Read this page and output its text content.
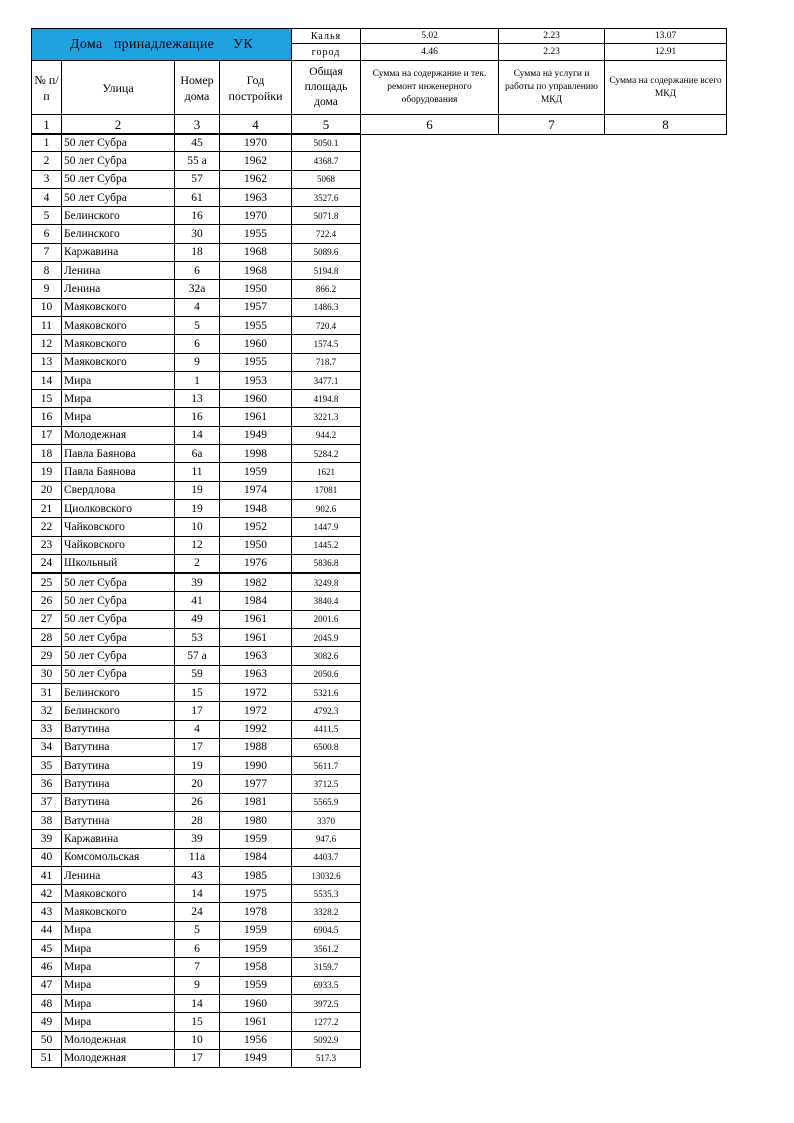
Дома   принадлежащие     УК				Калья	5.02	2.23	13.07
				город	4.46	2.23	12.91
№ п/п	Улица	Номер дома	Год постройки	Общая площадь дома	Сумма на содержание и тек. ремонт инженерного оборудования	Сумма на услуги и работы по управлению МКД	Сумма на содержание всего МКД
1	2	3	4	5	6	7	8
1	50 лет Субра	45	1970	5050.1
2	50 лет Субра	55 а	1962	4368.7
3	50 лет Субра	57	1962	5068
4	50 лет Субра	61	1963	3527.6
5	Белинского	16	1970	5071.8
6	Белинского	30	1955	722.4
7	Каржавина	18	1968	5089.6
8	Ленина	6	1968	5194.8
9	Ленина	32а	1950	866.2
10	Маяковского	4	1957	1486.3
11	Маяковского	5	1955	720.4
12	Маяковского	6	1960	1574.5
13	Маяковского	9	1955	718.7
14	Мира	1	1953	3477.1
15	Мира	13	1960	4194.8
16	Мира	16	1961	3221.3
17	Молодежная	14	1949	944.2
18	Павла Баянова	6а	1998	5284.2
19	Павла Баянова	11	1959	1621
20	Свердлова	19	1974	17081
21	Циолковского	19	1948	902.6
22	Чайковского	10	1952	1447.9
23	Чайковского	12	1950	1445.2
24	Школьный	2	1976	5836.8
25	50 лет Субра	39	1982	3249.8
26	50 лет Субра	41	1984	3840.4
27	50 лет Субра	49	1961	2001.6
28	50 лет Субра	53	1961	2045.9
29	50 лет Субра	57 а	1963	3082.6
30	50 лет Субра	59	1963	2050.6
31	Белинского	15	1972	5321.6
32	Белинского	17	1972	4792.3
33	Ватутина	4	1992	4411.5
34	Ватутина	17	1988	6500.8
35	Ватутина	19	1990	5611.7
36	Ватутина	20	1977	3712.5
37	Ватутина	26	1981	5565.9
38	Ватутина	28	1980	3370
39	Каржавина	39	1959	947.6
40	Комсомольская	11а	1984	4403.7
41	Ленина	43	1985	13032.6
42	Маяковского	14	1975	5535.3
43	Маяковского	24	1978	3328.2
44	Мира	5	1959	6904.5
45	Мира	6	1959	3561.2
46	Мира	7	1958	3159.7
47	Мира	9	1959	6933.5
48	Мира	14	1960	3972.5
49	Мира	15	1961	1277.2
50	Молодежная	10	1956	5092.9
51	Молодежная	17	1949	517.3
